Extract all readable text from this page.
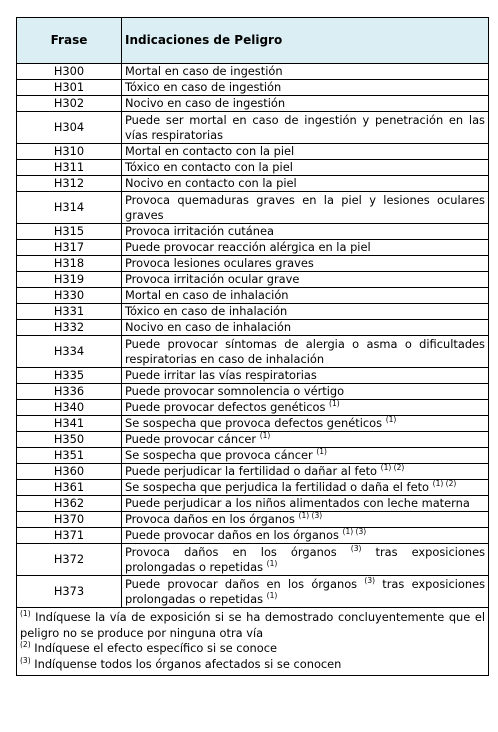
Frase	Indicaciones de Peligro
H300	Mortal en caso de ingestión
H301	Tóxico en caso de ingestión
H302	Nocivo en caso de ingestión
H304	Puede ser mortal en caso de ingestión y penetración en las vías respiratorias
H310	Mortal en contacto con la piel
H311	Tóxico en contacto con la piel
H312	Nocivo en contacto con la piel
H314	Provoca quemaduras graves en la piel y lesiones oculares graves
H315	Provoca irritación cutánea
H317	Puede provocar reacción alérgica en la piel
H318	Provoca lesiones oculares graves
H319	Provoca irritación ocular grave
H330	Mortal en caso de inhalación
H331	Tóxico en caso de inhalación
H332	Nocivo en caso de inhalación
H334	Puede provocar síntomas de alergia o asma o dificultades respiratorias en caso de inhalación
H335	Puede irritar las vías respiratorias
H336	Puede provocar somnolencia o vértigo
H340	Puede provocar defectos genéticos $^{(1)}$
H341	Se sospecha que provoca defectos genéticos $^{(1)}$
H350	Puede provocar cáncer $^{(1)}$
H351	Se sospecha que provoca cáncer $^{(1)}$
H360	Puede perjudicar la fertilidad o dañar al feto $^{(1) (2)}$
H361	Se sospecha que perjudica la fertilidad o daña el feto $^{(1) (2)}$
H362	Puede perjudicar a los niños alimentados con leche materna
H370	Provoca daños en los órganos $^{(1) (3)}$
H371	Puede provocar daños en los órganos $^{(1) (3)}$
H372	Provoca daños en los órganos $^{(3)}$ tras exposiciones prolongadas o repetidas $^{(1)}$
H373	Puede provocar daños en los órganos $^{(3)}$ tras exposiciones prolongadas o repetidas $^{(1)}$

$^{(1)}$ Indíquese la vía de exposición si se ha demostrado concluyentemente que el peligro no se produce por ninguna otra vía
$^{(2)}$ Indíquese el efecto específico si se conoce
$^{(3)}$ Indíquense todos los órganos afectados si se conocen	
